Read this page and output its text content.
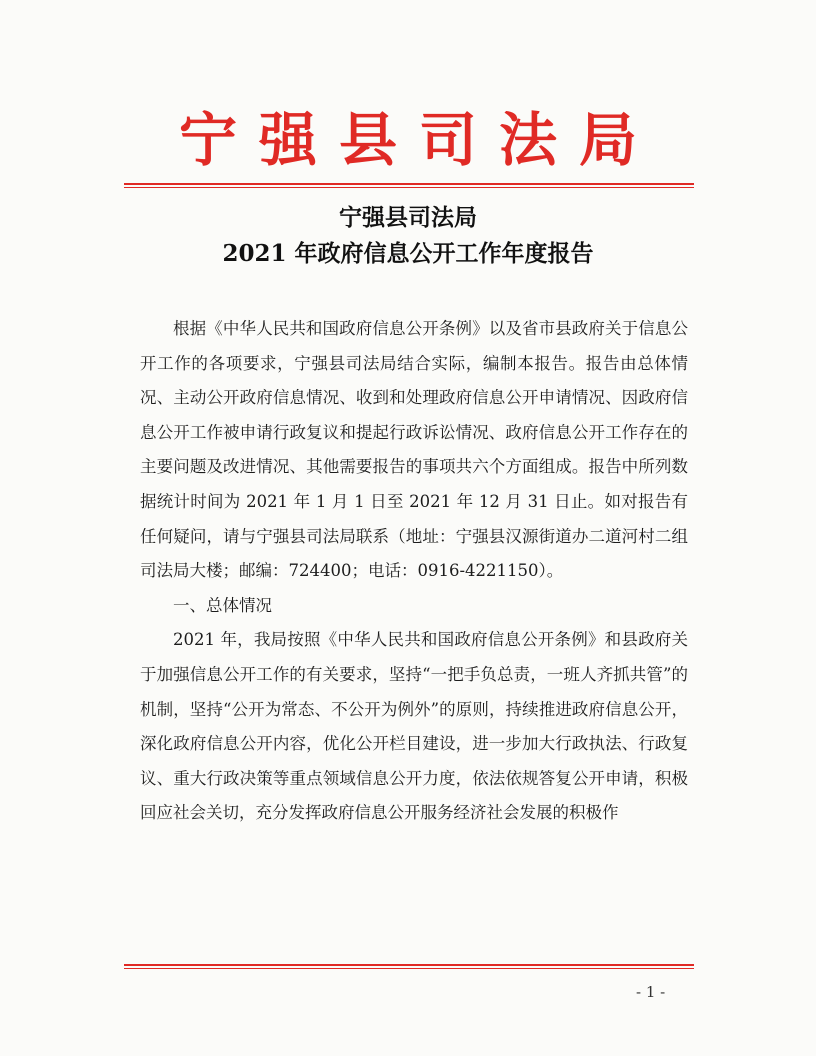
宁强县司法局
宁强县司法局
2021 年政府信息公开工作年度报告

根据《中华人民共和国政府信息公开条例》以及省市县政府关于信息公开工作的各项要求，宁强县司法局结合实际，编制本报告。报告由总体情况、主动公开政府信息情况、收到和处理政府信息公开申请情况、因政府信息公开工作被申请行政复议和提起行政诉讼情况、政府信息公开工作存在的主要问题及改进情况、其他需要报告的事项共六个方面组成。报告中所列数据统计时间为 2021 年 1 月 1 日至 2021 年 12 月 31 日止。如对报告有任何疑问，请与宁强县司法局联系（地址：宁强县汉源街道办二道河村二组司法局大楼；邮编：724400；电话：0916-4221150）。

一、总体情况

2021 年，我局按照《中华人民共和国政府信息公开条例》和县政府关于加强信息公开工作的有关要求，坚持“一把手负总责，一班人齐抓共管”的机制，坚持“公开为常态、不公开为例外”的原则，持续推进政府信息公开，深化政府信息公开内容，优化公开栏目建设，进一步加大行政执法、行政复议、重大行政决策等重点领域信息公开力度，依法依规答复公开申请，积极回应社会关切，充分发挥政府信息公开服务经济社会发展的积极作

- 1 -
